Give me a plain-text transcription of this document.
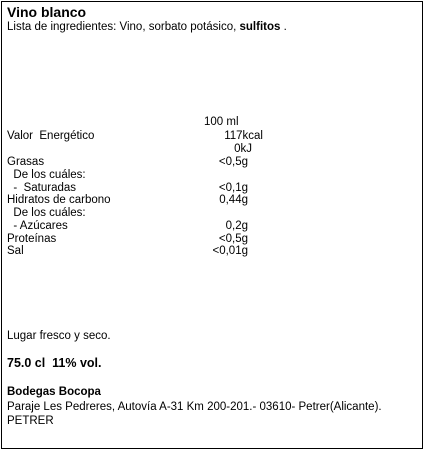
Vino blanco
Lista de ingredientes: Vino, sorbato potásico, sulfitos .
100 ml
Valor  Energético	117kcal
0kJ
Grasas	<0,5g
De los cuáles:
-  Saturadas	<0,1g
Hidratos de carbono	0,44g
De los cuáles:
- Azúcares	0,2g
Proteínas	<0,5g
Sal	<0,01g
Lugar fresco y seco.
75.0 cl  11% vol.
Bodegas Bocopa
Paraje Les Pedreres, Autovía A-31 Km 200-201.- 03610- Petrer(Alicante).
PETRER
